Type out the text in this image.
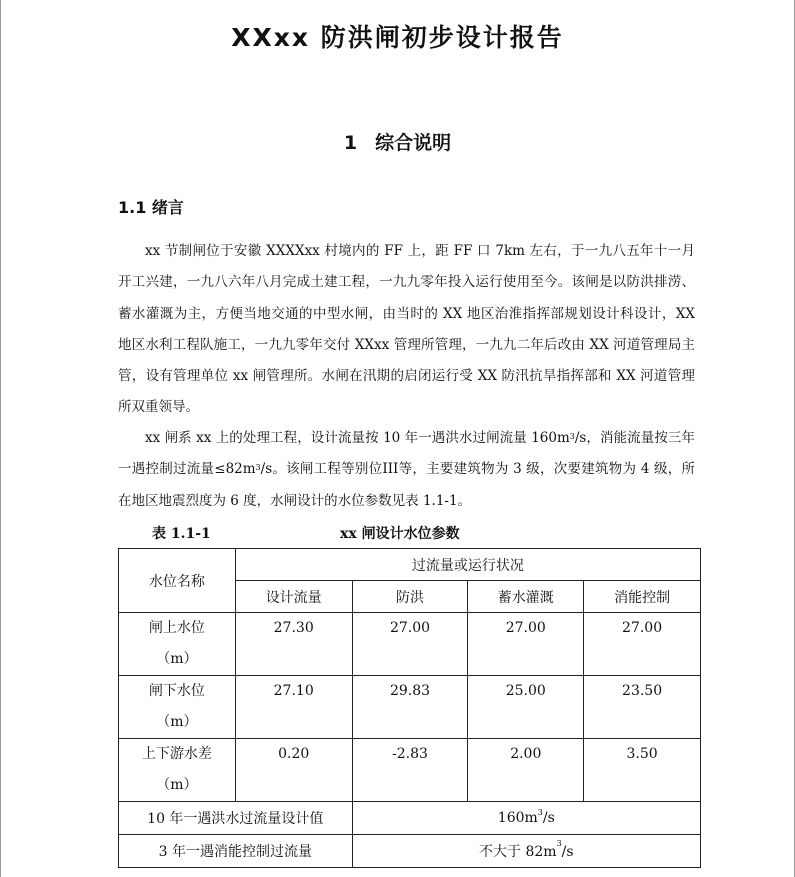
XXxx 防洪闸初步设计报告
1 综合说明
1.1 绪言

xx 节制闸位于安徽 XXXXxx 村境内的 FF 上，距 FF 口 7km 左右，于一九八五年十一月开工兴建，一九八六年八月完成土建工程，一九九零年投入运行使用至今。该闸是以防洪排涝、蓄水灌溉为主，方便当地交通的中型水闸，由当时的 XX 地区治淮指挥部规划设计科设计，XX 地区水利工程队施工，一九九零年交付 XXxx 管理所管理，一九九二年后改由 XX 河道管理局主管，设有管理单位 xx 闸管理所。水闸在汛期的启闭运行受 XX 防汛抗旱指挥部和 XX 河道管理所双重领导。

xx 闸系 xx 上的处理工程，设计流量按 10 年一遇洪水过闸流量 $160m^3/s$，消能流量按三年一遇控制过流量$\le 82m^3/s$。该闸工程等别位III等，主要建筑物为 3 级，次要建筑物为 4 级，所在地区地震烈度为 6 度，水闸设计的水位参数见表 1.1-1。

表 1.1-1	xx 闸设计水位参数
水位名称	过流量或运行状况			
	设计流量	防洪	蓄水灌溉	消能控制

闸上水位
（m）	27.30	27.00	27.00	27.00

闸下水位
（m）	27.10	29.83	25.00	23.50

上下游水差
（m）	0.20	-2.83	2.00	3.50
10 年一遇洪水过流量设计值		$160m^3/s$		
3 年一遇消能控制过流量		不大于 $82m^3/s$		
